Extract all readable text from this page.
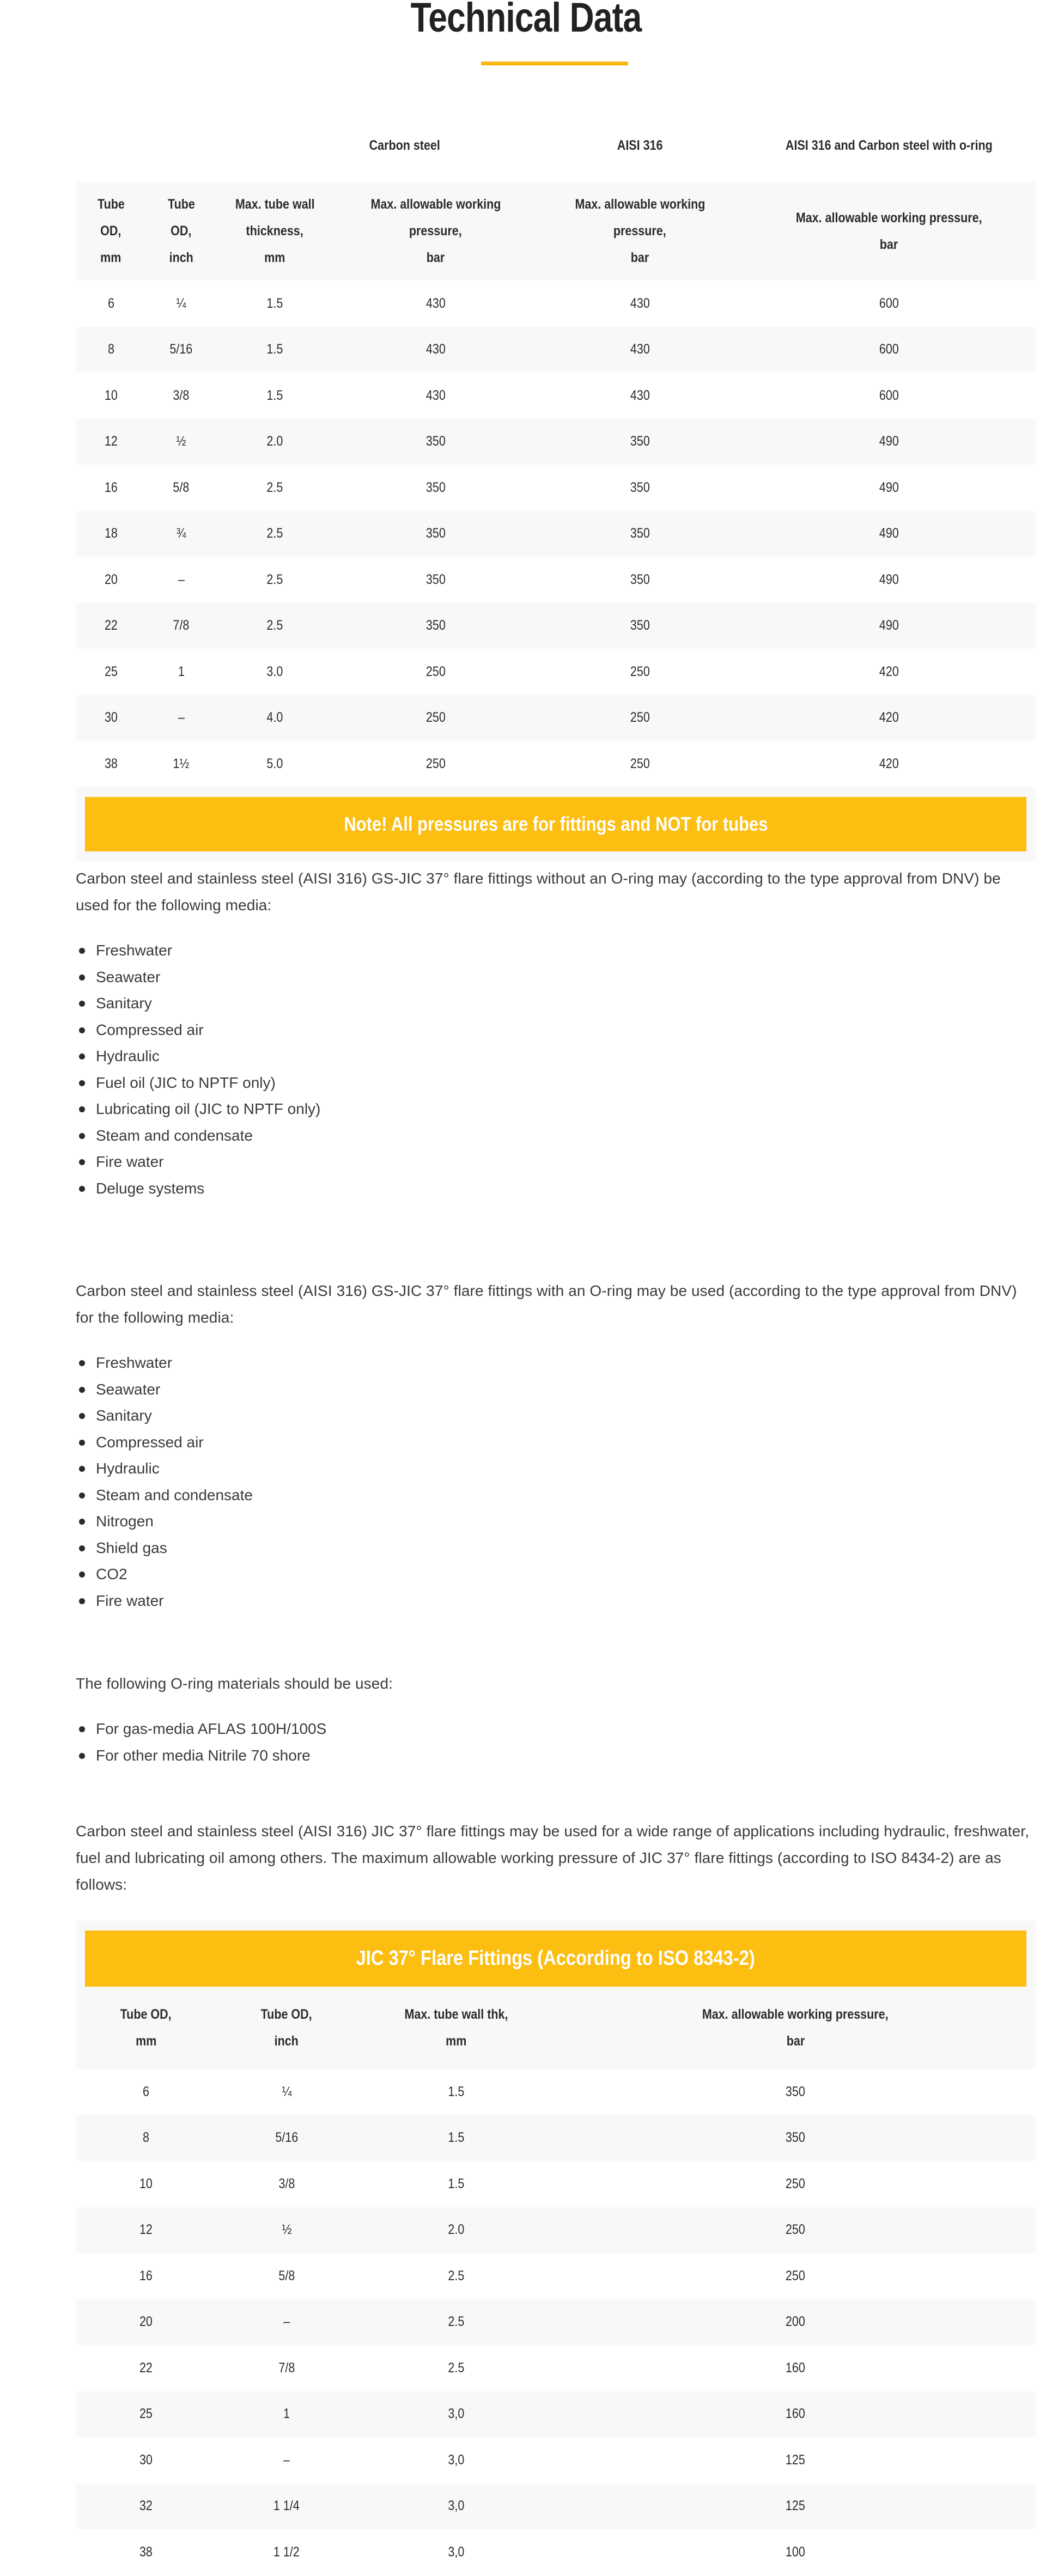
Technical Data
		Carbon steel		AISI 316	AISI 316 and Carbon steel with o-ring
Tube
OD,
mm	Tube
OD,
inch	Max. tube wall
thickness,
mm	Max. allowable working
pressure,
bar	Max. allowable working
pressure,
bar	Max. allowable working pressure,
bar
6	¼	1.5	430	430	600
8	5/16	1.5	430	430	600
10	3/8	1.5	430	430	600
12	½	2.0	350	350	490
16	5/8	2.5	350	350	490
18	¾	2.5	350	350	490
20	–	2.5	350	350	490
22	7/8	2.5	350	350	490
25	1	3.0	250	250	420
30	–	4.0	250	250	420
38	1½	5.0	250	250	420
Note! All pressures are for fittings and NOT for tubes

Carbon steel and stainless steel (AISI 316) GS-JIC 37° flare fittings without an O-ring may (according to the type approval from DNV) be used for the following media:

Freshwater
Seawater
Sanitary
Compressed air
Hydraulic
Fuel oil (JIC to NPTF only)
Lubricating oil (JIC to NPTF only)
Steam and condensate
Fire water
Deluge systems

Carbon steel and stainless steel (AISI 316) GS-JIC 37° flare fittings with an O-ring may be used (according to the type approval from DNV) for the following media:

Freshwater
Seawater
Sanitary
Compressed air
Hydraulic
Steam and condensate
Nitrogen
Shield gas
CO2
Fire water

The following O-ring materials should be used:

For gas-media AFLAS 100H/100S
For other media Nitrile 70 shore

Carbon steel and stainless steel (AISI 316) JIC 37° flare fittings may be used for a wide range of applications including hydraulic, freshwater, fuel and lubricating oil among others. The maximum allowable working pressure of JIC 37° flare fittings (according to ISO 8434-2) are as follows:

JIC 37° Flare Fittings (According to ISO 8343-2)
Tube OD,
mm	Tube OD,
inch	Max. tube wall thk,
mm	Max. allowable working pressure,
bar
6	¼	1.5	350
8	5/16	1.5	350
10	3/8	1.5	250
12	½	2.0	250
16	5/8	2.5	250
20	–	2.5	200
22	7/8	2.5	160
25	1	3,0	160
30	–	3,0	125
32	1 1/4	3,0	125
38	1 1/2	3,0	100
